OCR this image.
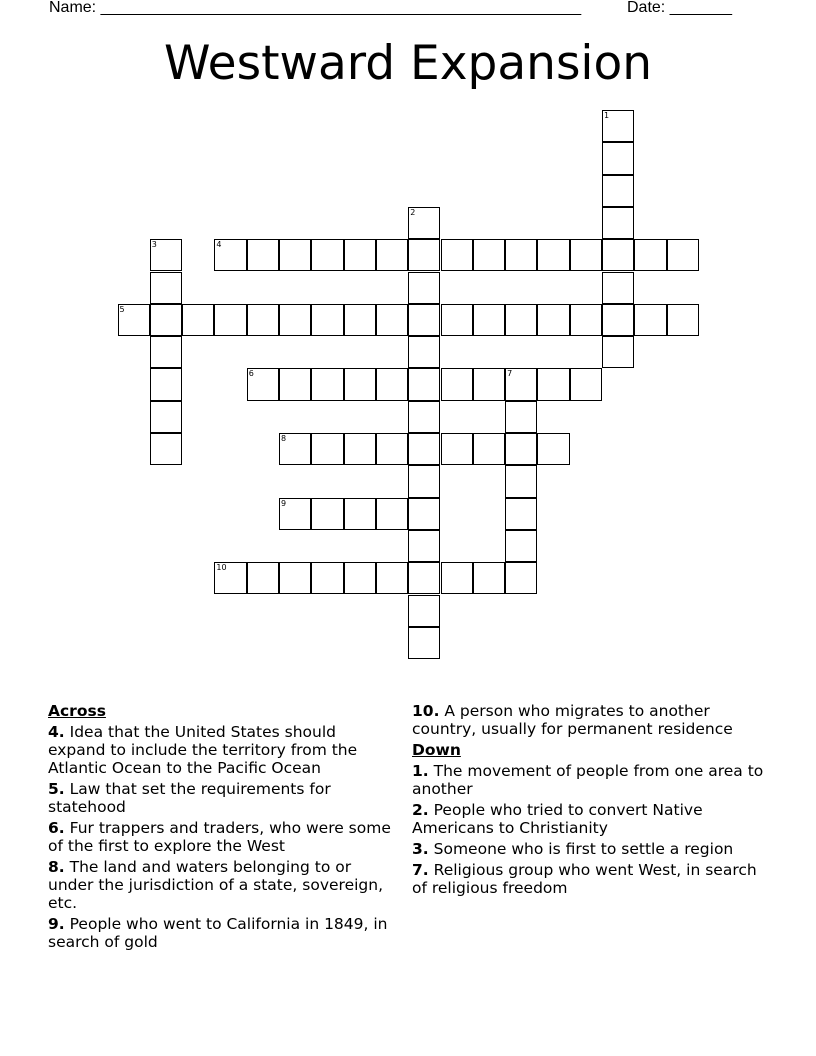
Name: ______________________________________________________	Date: _______
Westward Expansion
1
2
3	4
5
6	7
8
9
10
Across
4. Idea that the United States should expand to include the territory from the Atlantic Ocean to the Pacific Ocean
5. Law that set the requirements for statehood
6. Fur trappers and traders, who were some of the first to explore the West
8. The land and waters belonging to or under the jurisdiction of a state, sovereign, etc.
9. People who went to California in 1849, in search of gold
10. A person who migrates to another country, usually for permanent residence
Down
1. The movement of people from one area to another
2. People who tried to convert Native Americans to Christianity
3. Someone who is first to settle a region
7. Religious group who went West, in search of religious freedom
